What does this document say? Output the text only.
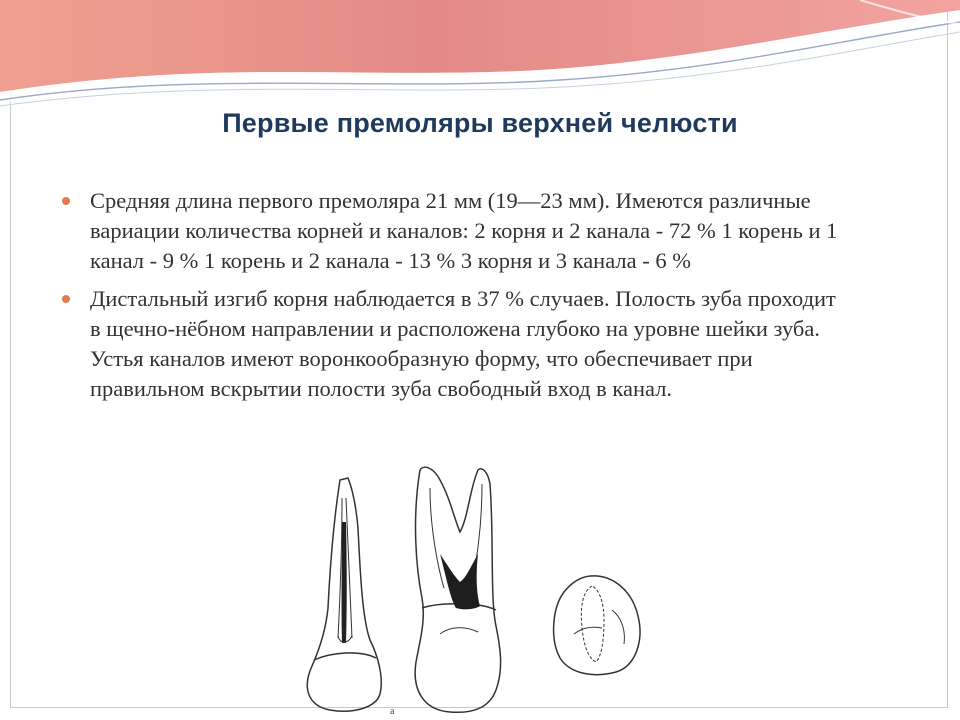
Первые премоляры верхней челюсти
Средняя длина первого премоляра 21 мм (19—23 мм). Имеются различные вариации количества корней и каналов: 2 корня и 2 канала - 72 % 1 корень и 1 канал - 9 % 1 корень и 2 канала - 13 % 3 корня и 3 канала - 6 %
Дистальный изгиб корня наблюдается в 37 % случаев. Полость зуба проходит в щечно-нёбном направлении и расположена глубоко на уровне шейки зуба. Устья каналов имеют воронкообразную форму, что обеспечивает при правильном вскрытии полости зуба свободный вход в канал.
a
